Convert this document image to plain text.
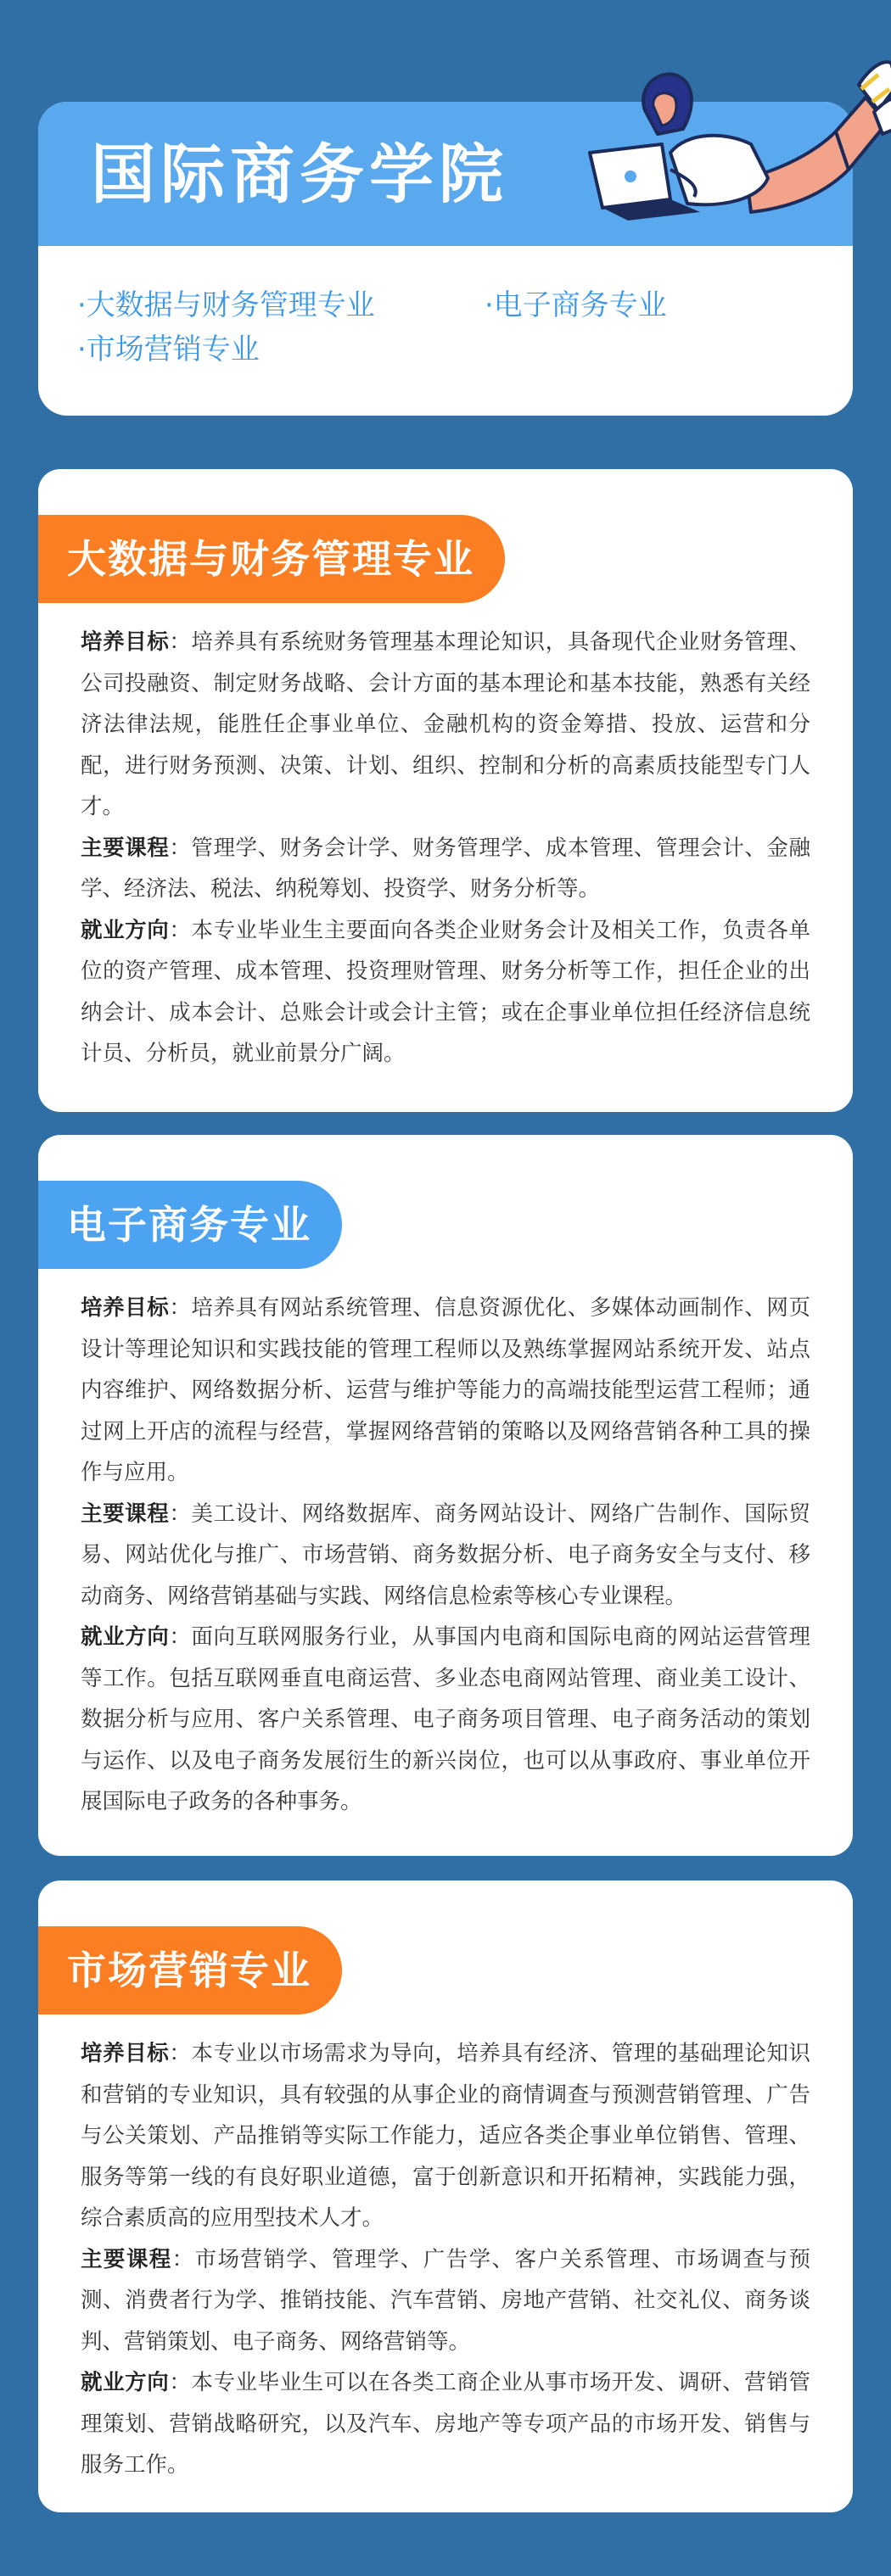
国际商务学院
·大数据与财务管理专业	·电子商务专业
·市场营销专业
大数据与财务管理专业

培养目标：培养具有系统财务管理基本理论知识，具备现代企业财务管理、公司投融资、制定财务战略、会计方面的基本理论和基本技能，熟悉有关经济法律法规，能胜任企事业单位、金融机构的资金筹措、投放、运营和分配，进行财务预测、决策、计划、组织、控制和分析的高素质技能型专门人才。

主要课程：管理学、财务会计学、财务管理学、成本管理、管理会计、金融学、经济法、税法、纳税筹划、投资学、财务分析等。

就业方向：本专业毕业生主要面向各类企业财务会计及相关工作，负责各单位的资产管理、成本管理、投资理财管理、财务分析等工作，担任企业的出纳会计、成本会计、总账会计或会计主管；或在企事业单位担任经济信息统计员、分析员，就业前景分广阔。

电子商务专业

培养目标：培养具有网站系统管理、信息资源优化、多媒体动画制作、网页设计等理论知识和实践技能的管理工程师以及熟练掌握网站系统开发、站点内容维护、网络数据分析、运营与维护等能力的高端技能型运营工程师；通过网上开店的流程与经营，掌握网络营销的策略以及网络营销各种工具的操作与应用。

主要课程：美工设计、网络数据库、商务网站设计、网络广告制作、国际贸易、网站优化与推广、市场营销、商务数据分析、电子商务安全与支付、移动商务、网络营销基础与实践、网络信息检索等核心专业课程。

就业方向：面向互联网服务行业，从事国内电商和国际电商的网站运营管理等工作。包括互联网垂直电商运营、多业态电商网站管理、商业美工设计、数据分析与应用、客户关系管理、电子商务项目管理、电子商务活动的策划与运作、以及电子商务发展衍生的新兴岗位，也可以从事政府、事业单位开展国际电子政务的各种事务。

市场营销专业

培养目标：本专业以市场需求为导向，培养具有经济、管理的基础理论知识和营销的专业知识，具有较强的从事企业的商情调查与预测营销管理、广告与公关策划、产品推销等实际工作能力，适应各类企事业单位销售、管理、服务等第一线的有良好职业道德，富于创新意识和开拓精神，实践能力强，综合素质高的应用型技术人才。

主要课程：市场营销学、管理学、广告学、客户关系管理、市场调查与预测、消费者行为学、推销技能、汽车营销、房地产营销、社交礼仪、商务谈判、营销策划、电子商务、网络营销等。

就业方向：本专业毕业生可以在各类工商企业从事市场开发、调研、营销管理策划、营销战略研究，以及汽车、房地产等专项产品的市场开发、销售与服务工作。
